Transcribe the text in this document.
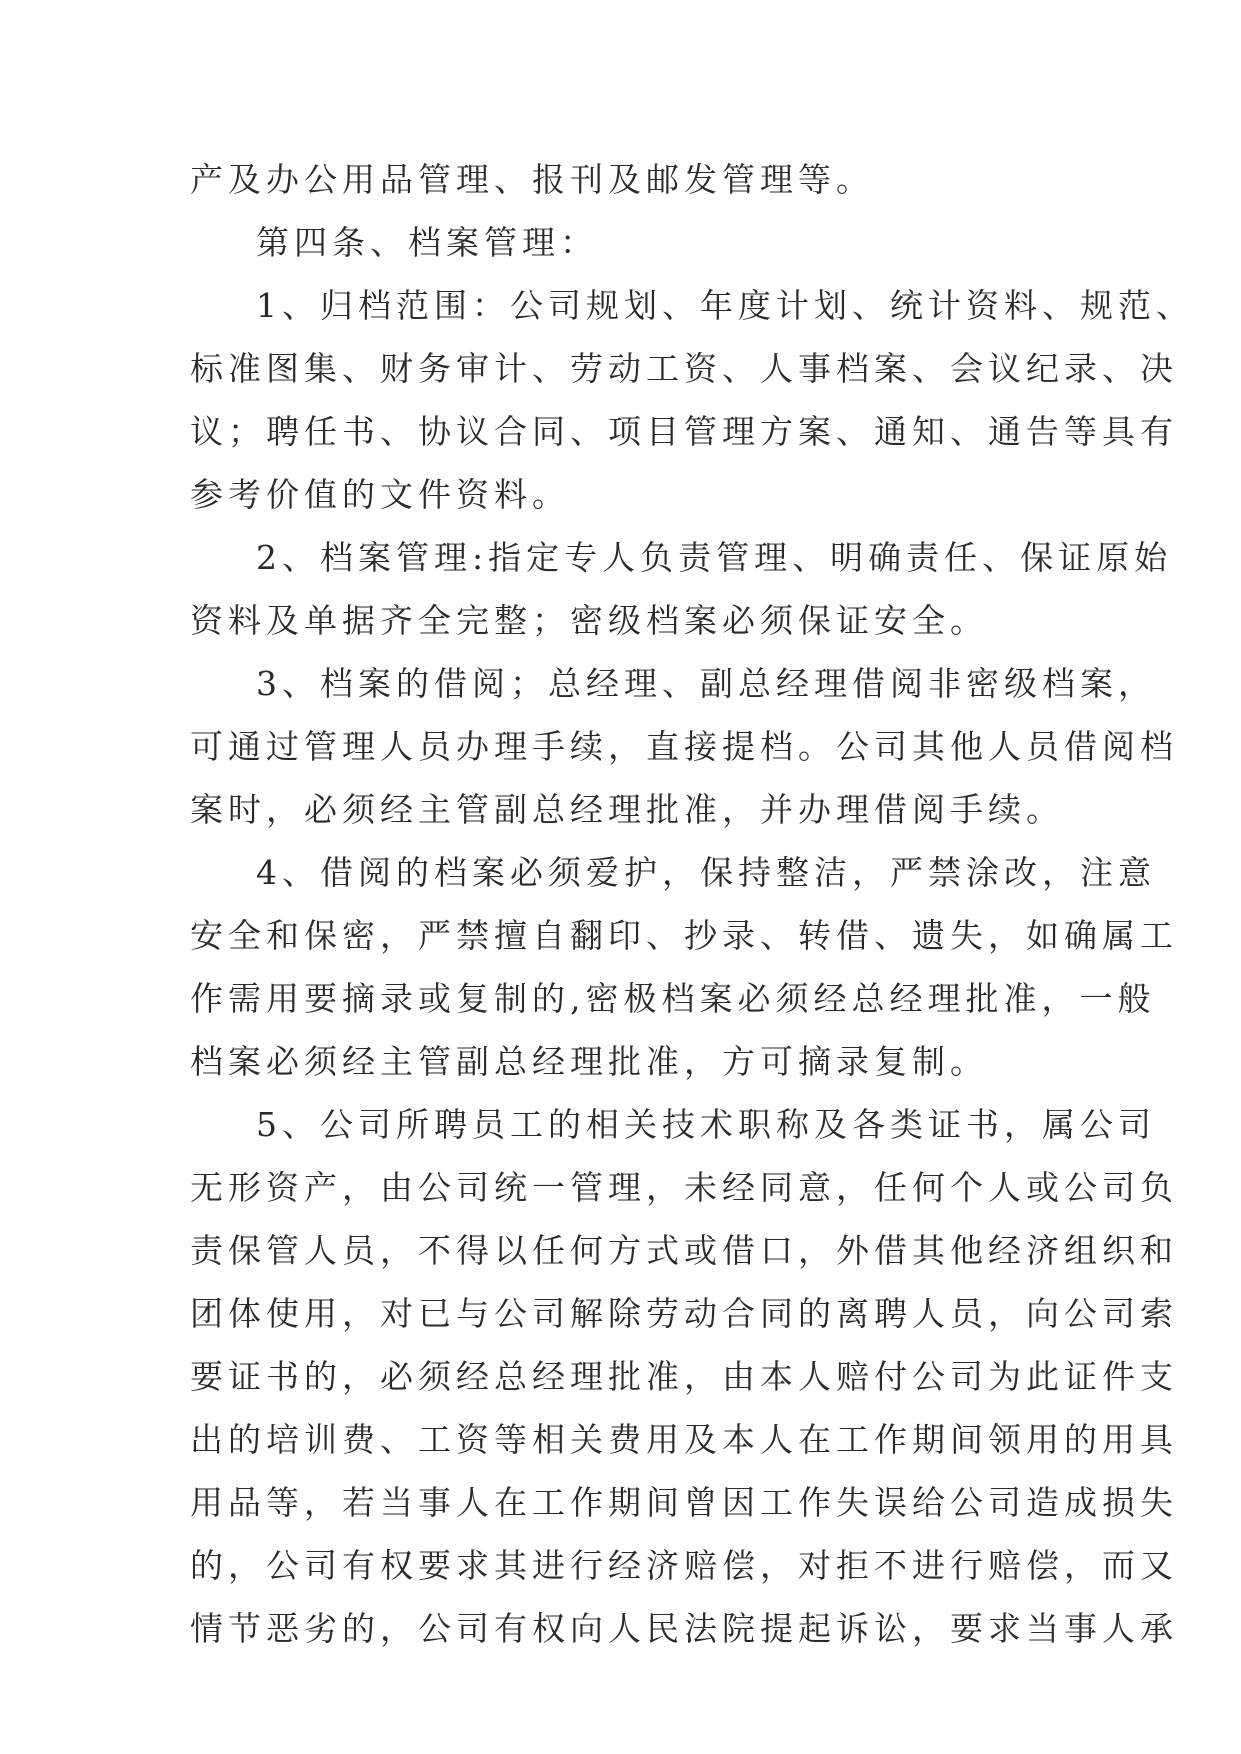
产及办公用品管理、报刊及邮发管理等。
第四条、档案管理：
1、归档范围：公司规划、年度计划、统计资料、规范、
标准图集、财务审计、劳动工资、人事档案、会议纪录、决
议；聘任书、协议合同、项目管理方案、通知、通告等具有
参考价值的文件资料。
2、档案管理:指定专人负责管理、明确责任、保证原始
资料及单据齐全完整；密级档案必须保证安全。
3、档案的借阅；总经理、副总经理借阅非密级档案，
可通过管理人员办理手续，直接提档。公司其他人员借阅档
案时，必须经主管副总经理批准，并办理借阅手续。
4、借阅的档案必须爱护，保持整洁，严禁涂改，注意
安全和保密，严禁擅自翻印、抄录、转借、遗失，如确属工
作需用要摘录或复制的,密极档案必须经总经理批准，一般
档案必须经主管副总经理批准，方可摘录复制。
5、公司所聘员工的相关技术职称及各类证书，属公司
无形资产，由公司统一管理，未经同意，任何个人或公司负
责保管人员，不得以任何方式或借口，外借其他经济组织和
团体使用，对已与公司解除劳动合同的离聘人员，向公司索
要证书的，必须经总经理批准，由本人赔付公司为此证件支
出的培训费、工资等相关费用及本人在工作期间领用的用具
用品等，若当事人在工作期间曾因工作失误给公司造成损失
的，公司有权要求其进行经济赔偿，对拒不进行赔偿，而又
情节恶劣的，公司有权向人民法院提起诉讼，要求当事人承
